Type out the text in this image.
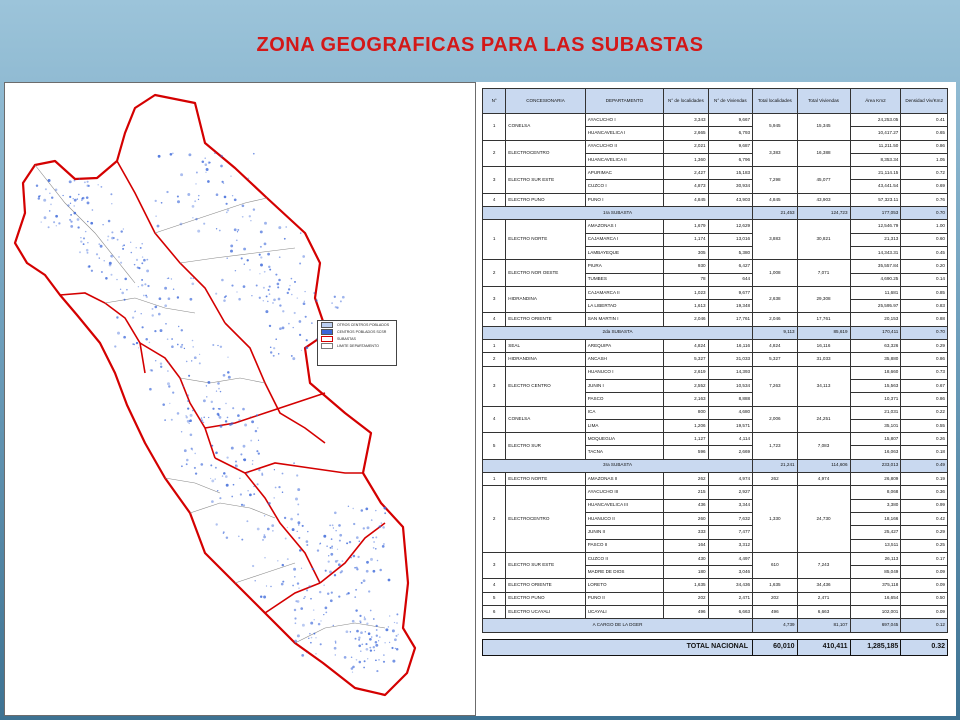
ZONA GEOGRAFICAS PARA LAS SUBASTAS
OTROS CENTROS POBLADOS
CENTROS POBLADOS SCSR
SUBASTAS
LIMITE DEPARTAMENTO
N°	CONCESIONARIA	DEPARTAMENTO	N° de localidades	N° de Viviendas	Total localidades	Total Viviendas	Área Km2	Densidad Viv/Km2
1	CONELSA	AYACUCHO I	3,343	9,667	5,945	15,345	24,253.05	0.41
		HUANCAVELICA I	2,665	6,793			10,417.27	0.65
2	ELECTROCENTRO	AYACUCHO II	2,021	9,687	3,383	16,388	11,211.50	0.86
		HUANCAVELICA II	1,360	6,796			8,353.34	1.05
3	ELECTRO SUR ESTE	APURIMAC	2,427	15,183	7,298	45,077	21,114.15	0.72
		CUZCO I	4,873	30,934			43,441.54	0.69
4	ELECTRO PUNO	PUNO I	4,845	43,903	4,845	43,903	57,323.11	0.76
1ra SUBASTA					21,453	124,723	177,053	0.70
1	ELECTRO NORTE	AMAZONAS I	1,679	12,629	3,883	30,821	12,546.79	1.00
		CAJAMARCA I	1,174	13,016			21,313	0.60
		LAMBAYEQUE	305	5,380			14,343.31	0.45
2	ELECTRO NOR OESTE	PIURA	930	6,427	1,008	7,071	35,557.84	0.20
		TUMBES	78	644			4,690.25	0.14
3	HIDRANDINA	CAJAMARCA II	1,023	9,677	2,638	29,308	11,681	0.85
		LA LIBERTAD	1,613	19,348			25,595.97	0.83
4	ELECTRO ORIENTE	SAN MARTIN I	2,046	17,761	2,046	17,761	20,153	0.88
2da SUBASTA					9,113	85,619	170,411	0.70
1	SEAL	AREQUIPA	4,824	16,116	4,824	16,116	63,326	0.29
2	HIDRANDINA	ANCASH	5,327	31,033	5,327	31,033	35,880	0.86
3	ELECTRO CENTRO	HUANUCO I	2,619	14,393	7,263	34,113	18,660	0.73
		JUNIN I	2,552	10,534			15,563	0.67
		PASCO	2,163	8,888			10,371	0.86
4	CONELSA	ICA	800	4,680	2,006	24,251	21,031	0.22
		LIMA	1,206	19,571			35,101	0.55
5	ELECTRO SUR	MOQUEGUA	1,127	4,114	1,723	7,083	15,807	0.26
		TACNA	596	2,669			16,063	0.18
3ra SUBASTA					21,241	114,606	233,013	0.49
1	ELECTRO NORTE	AMAZONAS II	262	4,974	262	4,974	26,809	0.19
2	ELECTROCENTRO	AYACUCHO III	215	2,927	1,330	24,730	8,068	0.36
		HUANCAVELICA III	436	3,344			3,380	0.99
		HUANUCO II	260	7,632			18,166	0.42
		JUNIN II	333	7,477			25,427	0.29
		PASCO II	164	3,312			13,511	0.25
3	ELECTRO SUR ESTE	CUZCO II	430	4,497	610	7,243	26,113	0.17
		MADRE DE DIOS	180	3,046			85,049	0.09
4	ELECTRO ORIENTE	LORETO	1,635	34,436	1,635	34,436	375,118	0.09
5	ELECTRO PUNO	PUNO II	202	2,471	202	2,471	16,654	0.50
6	ELECTRO UCAYALI	UCAYALI	496	6,663	496	6,663	102,001	0.09
A CARGO DE LA DGER					4,739	81,107	697,045	0.12

TOTAL NACIONAL					60,010	410,411	1,285,185	0.32
